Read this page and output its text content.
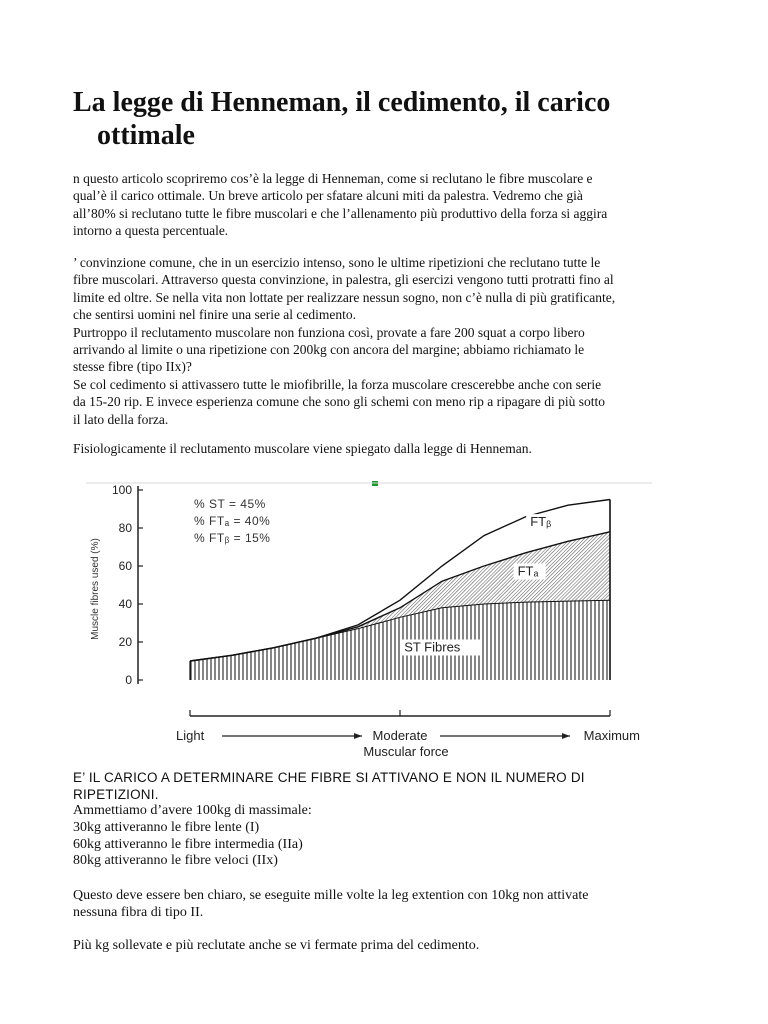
La legge di Henneman, il cedimento, il carico
ottimale

n questo articolo scopriremo cos’è la legge di Henneman, come si reclutano le fibre muscolare e
qual’è il carico ottimale. Un breve articolo per sfatare alcuni miti da palestra. Vedremo che già
all’80% si reclutano tutte le fibre muscolari e che l’allenamento più produttivo della forza si aggira
intorno a questa percentuale.

’ convinzione comune, che in un esercizio intenso, sono le ultime ripetizioni che reclutano tutte le
fibre muscolari. Attraverso questa convinzione, in palestra, gli esercizi vengono tutti protratti fino al
limite ed oltre. Se nella vita non lottate per realizzare nessun sogno, non c’è nulla di più gratificante,
che sentirsi uomini nel finire una serie al cedimento.
Purtroppo il reclutamento muscolare non funziona così, provate a fare 200 squat a corpo libero
arrivando al limite o una ripetizione con 200kg con ancora del margine; abbiamo richiamato le
stesse fibre (tipo IIx)?
Se col cedimento si attivassero tutte le miofibrille, la forza muscolare crescerebbe anche con serie
da 15-20 rip. E invece esperienza comune che sono gli schemi con meno rip a ripagare di più sotto
il lato della forza.

Fisiologicamente il reclutamento muscolare viene spiegato dalla legge di Henneman.

0
20
40
60
80
100
Muscle fibres used (%)
% ST = 45%
% FTₐ = 40%
% FTᵦ = 15%
Light	Moderate	Maximum
Muscular force
ST Fibres
FTₐ
FTᵦ

E’ IL CARICO A DETERMINARE CHE FIBRE SI ATTIVANO E NON IL NUMERO DI
RIPETIZIONI.

Ammettiamo d’avere 100kg di massimale:
30kg attiveranno le fibre lente (I)
60kg attiveranno le fibre intermedia (IIa)
80kg attiveranno le fibre veloci (IIx)

Questo deve essere ben chiaro, se eseguite mille volte la leg extention con 10kg non attivate
nessuna fibra di tipo II.

Più kg sollevate e più reclutate anche se vi fermate prima del cedimento.
